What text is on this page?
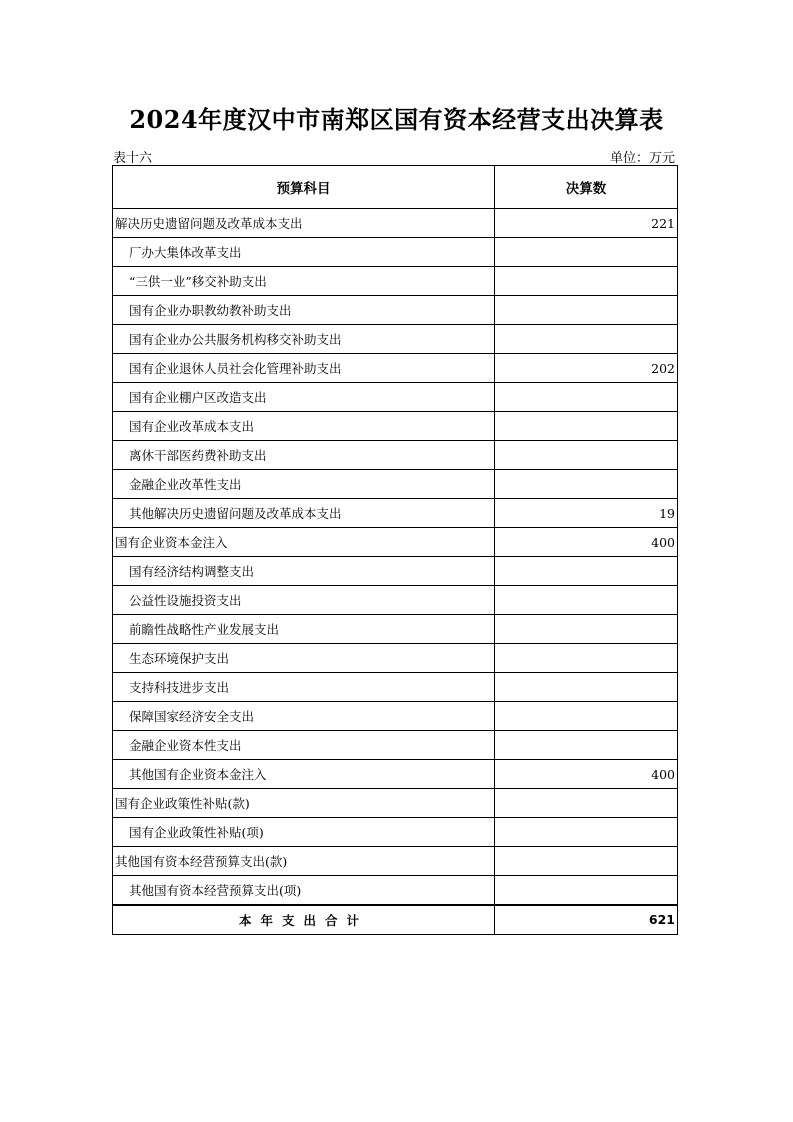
2024年度汉中市南郑区国有资本经营支出决算表
表十六	单位：万元
预算科目	决算数
解决历史遗留问题及改革成本支出	221
厂办大集体改革支出	
“三供一业”移交补助支出	
国有企业办职教幼教补助支出	
国有企业办公共服务机构移交补助支出	
国有企业退休人员社会化管理补助支出	202
国有企业棚户区改造支出	
国有企业改革成本支出	
离休干部医药费补助支出	
金融企业改革性支出	
其他解决历史遗留问题及改革成本支出	19
国有企业资本金注入	400
国有经济结构调整支出	
公益性设施投资支出	
前瞻性战略性产业发展支出	
生态环境保护支出	
支持科技进步支出	
保障国家经济安全支出	
金融企业资本性支出	
其他国有企业资本金注入	400
国有企业政策性补贴(款)	
国有企业政策性补贴(项)	
其他国有资本经营预算支出(款)	
其他国有资本经营预算支出(项)	
本年支出合计	621
